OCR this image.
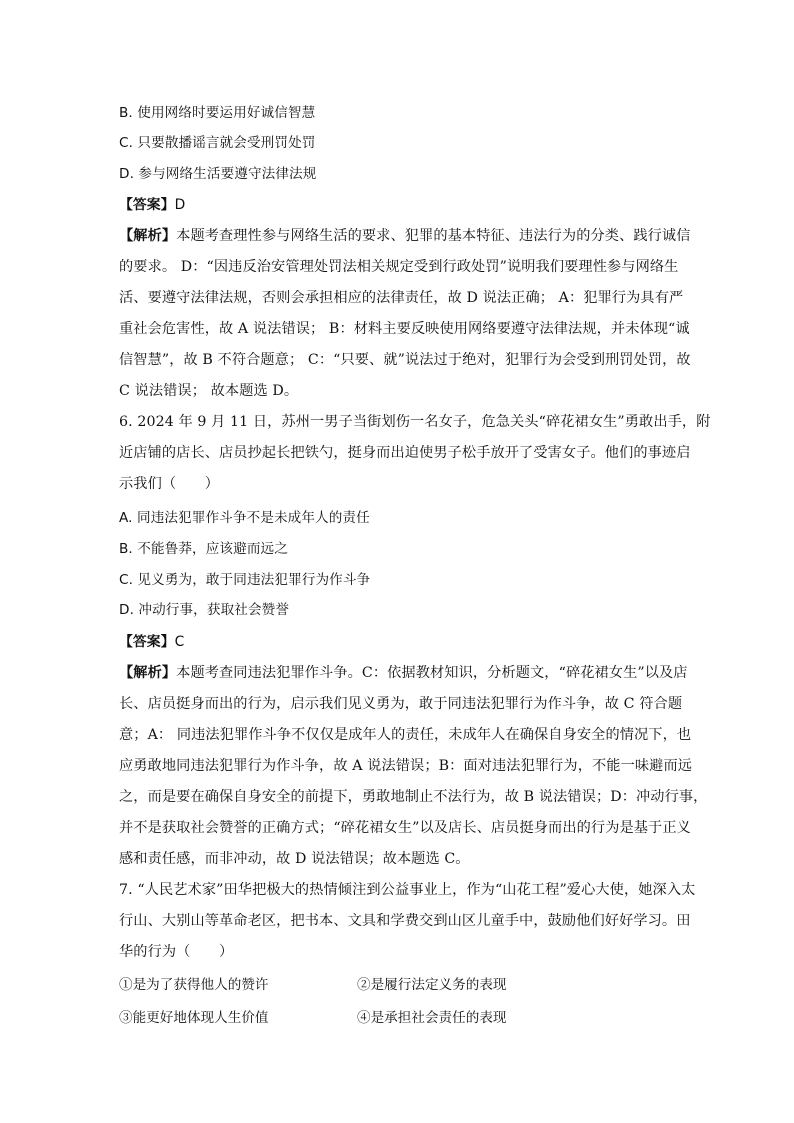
B. 使用网络时要运用好诚信智慧
C. 只要散播谣言就会受刑罚处罚
D. 参与网络生活要遵守法律法规
【答案】D
【解析】本题考查理性参与网络生活的要求、犯罪的基本特征、违法行为的分类、践行诚信
的要求。 D：“因违反治安管理处罚法相关规定受到行政处罚”说明我们要理性参与网络生
活、要遵守法律法规，否则会承担相应的法律责任，故 D 说法正确； A：犯罪行为具有严
重社会危害性，故 A 说法错误； B：材料主要反映使用网络要遵守法律法规，并未体现“诚
信智慧”，故 B 不符合题意； C：“只要、就”说法过于绝对，犯罪行为会受到刑罚处罚，故
C 说法错误； 故本题选 D。
6. 2024 年 9 月 11 日，苏州一男子当街划伤一名女子，危急关头“碎花裙女生”勇敢出手，附
近店铺的店长、店员抄起长把铁勺，挺身而出迫使男子松手放开了受害女子。他们的事迹启
示我们（　　）
A. 同违法犯罪作斗争不是未成年人的责任
B. 不能鲁莽，应该避而远之
C. 见义勇为，敢于同违法犯罪行为作斗争
D. 冲动行事，获取社会赞誉
【答案】C
【解析】本题考查同违法犯罪作斗争。C：依据教材知识，分析题文，“碎花裙女生”以及店
长、店员挺身而出的行为，启示我们见义勇为，敢于同违法犯罪行为作斗争，故 C 符合题
意；A： 同违法犯罪作斗争不仅仅是成年人的责任，未成年人在确保自身安全的情况下，也
应勇敢地同违法犯罪行为作斗争，故 A 说法错误；B：面对违法犯罪行为，不能一味避而远
之，而是要在确保自身安全的前提下，勇敢地制止不法行为，故 B 说法错误；D：冲动行事，
并不是获取社会赞誉的正确方式；“碎花裙女生”以及店长、店员挺身而出的行为是基于正义
感和责任感，而非冲动，故 D 说法错误；故本题选 C。
7. “人民艺术家”田华把极大的热情倾注到公益事业上，作为“山花工程”爱心大使，她深入太
行山、大别山等革命老区，把书本、文具和学费交到山区儿童手中，鼓励他们好好学习。田
华的行为（　　）
①是为了获得他人的赞许	②是履行法定义务的表现
③能更好地体现人生价值	④是承担社会责任的表现
